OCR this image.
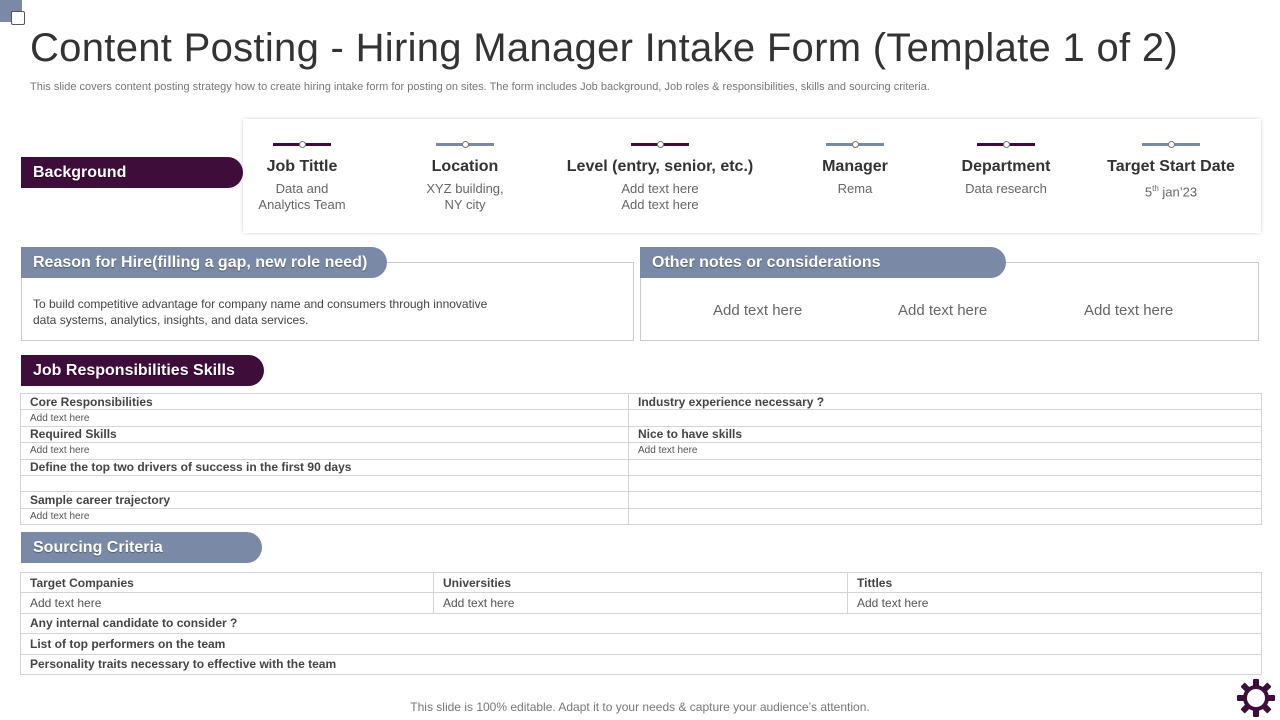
Content Posting - Hiring Manager Intake Form (Template 1 of 2)

This slide covers content posting strategy how to create hiring intake form for posting on sites. The form includes Job background, Job roles & responsibilities, skills and sourcing criteria.

Background	Job Tittle
Data and
Analytics Team
Location
XYZ building,
NY city
Level (entry, senior, etc.)
Add text here
Add text here
Manager
Rema
Department
Data research
Target Start Date
5th jan’23
Reason for Hire(filling a gap, new role need)
To build competitive advantage for company name and consumers through innovative data systems, analytics, insights, and data services.
Other notes or considerations
Add text here	Add text here	Add text here
Job Responsibilities Skills
Core Responsibilities	Industry experience necessary ?
Add text here	
Required Skills	Nice to have skills
Add text here	Add text here
Define the top two drivers of success in the first 90 days	

Sample career trajectory	
Add text here	
Sourcing Criteria
Target Companies	Universities	Tittles
Add text here	Add text here	Add text here
Any internal candidate to consider ?		
List of top performers on the team		
Personality traits necessary to effective with the team		
This slide is 100% editable. Adapt it to your needs & capture your audience’s attention.
